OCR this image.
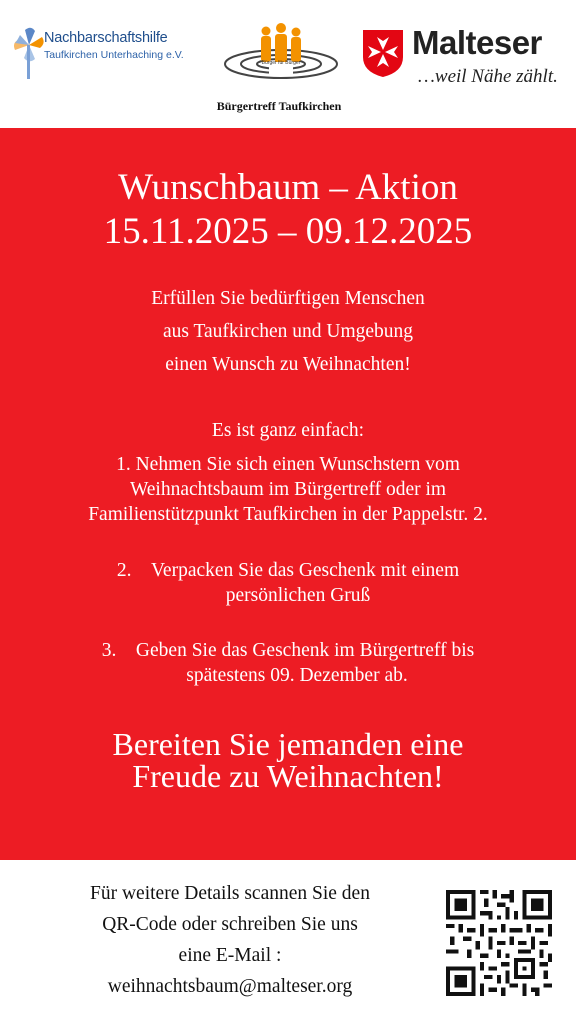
Nachbarschaftshilfe
Taufkirchen Unterhaching e.V.
Bürger für Bürger
Bürgertreff Taufkirchen
Malteser
…weil Nähe zählt.
Wunschbaum – Aktion
15.11.2025 – 09.12.2025
Erfüllen Sie bedürftigen Menschen
aus Taufkirchen und Umgebung
einen Wunsch zu Weihnachten!
Es ist ganz einfach:
1. Nehmen Sie sich einen Wunschstern vom
Weihnachtsbaum im Bürgertreff oder im
Familienstützpunkt Taufkirchen in der Pappelstr. 2.
2. Verpacken Sie das Geschenk mit einem
persönlichen Gruß
3. Geben Sie das Geschenk im Bürgertreff bis
spätestens 09. Dezember ab.
Bereiten Sie jemanden eine
Freude zu Weihnachten!
Für weitere Details scannen Sie den
QR-Code oder schreiben Sie uns
eine E-Mail :
weihnachtsbaum@malteser.org
